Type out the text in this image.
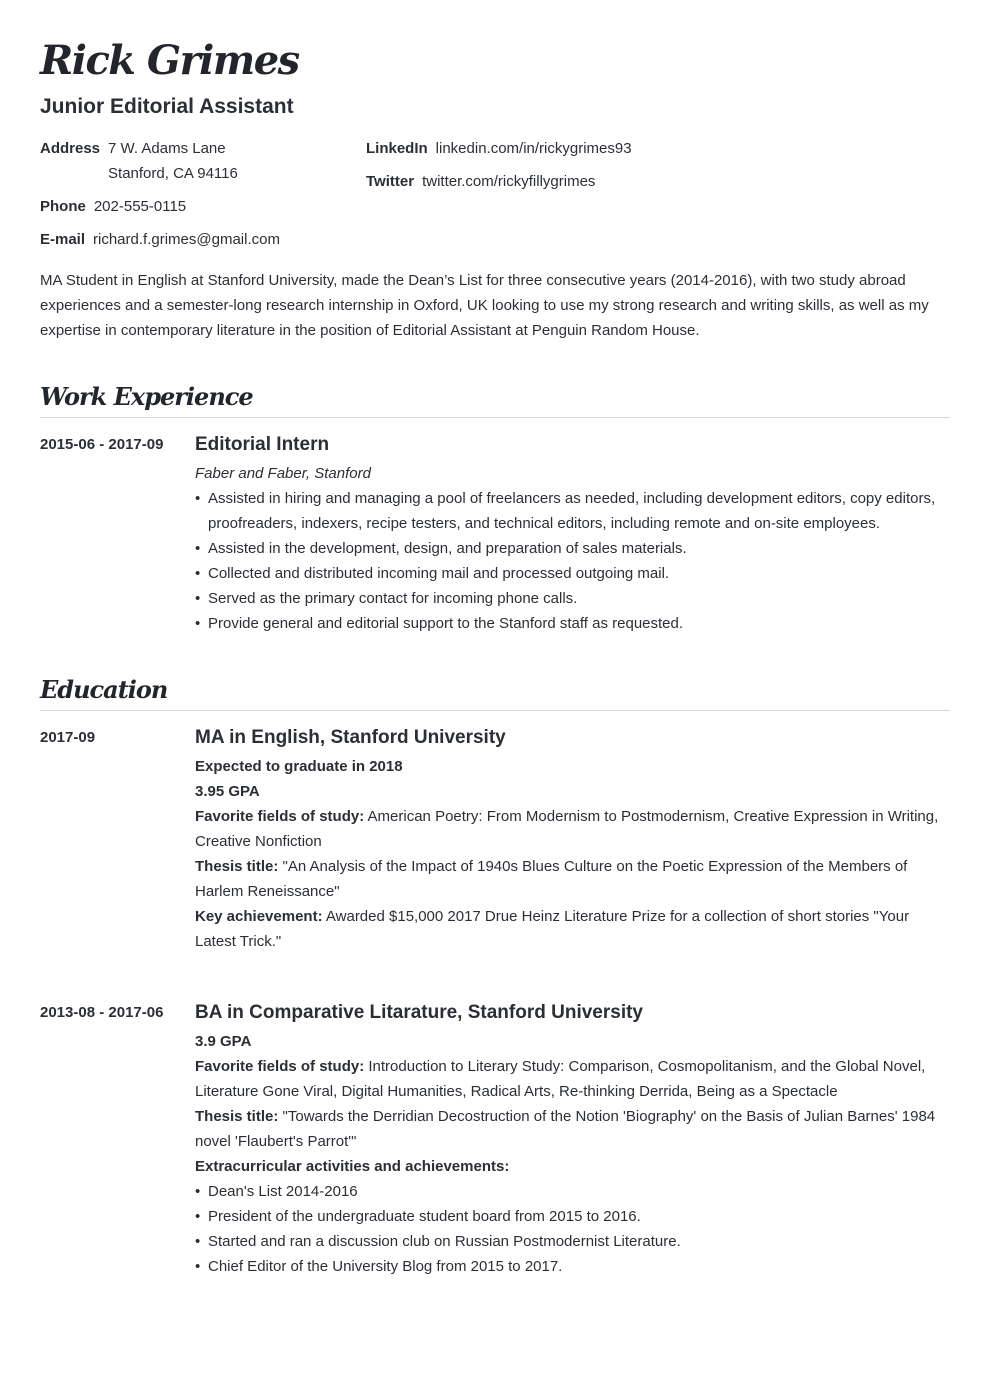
Rick Grimes
Junior Editorial Assistant
Address 7 W. Adams Lane
Stanford, CA 94116
Phone 202-555-0115
E-mail richard.f.grimes@gmail.com
LinkedIn linkedin.com/in/rickygrimes93
Twitter twitter.com/rickyfillygrimes
MA Student in English at Stanford University, made the Dean’s List for three consecutive years (2014-2016), with two study abroad experiences and a semester-long research internship in Oxford, UK looking to use my strong research and writing skills, as well as my expertise in contemporary literature in the position of Editorial Assistant at Penguin Random House.
Work Experience
2015-06 - 2017-09	Editorial Intern
Faber and Faber, Stanford
• Assisted in hiring and managing a pool of freelancers as needed, including development editors, copy editors, proofreaders, indexers, recipe testers, and technical editors, including remote and on-site employees.
• Assisted in the development, design, and preparation of sales materials.
• Collected and distributed incoming mail and processed outgoing mail.
• Served as the primary contact for incoming phone calls.
• Provide general and editorial support to the Stanford staff as requested.
Education
2017-09	MA in English, Stanford University
Expected to graduate in 2018
3.95 GPA
Favorite fields of study: American Poetry: From Modernism to Postmodernism, Creative Expression in Writing, Creative Nonfiction
Thesis title: "An Analysis of the Impact of 1940s Blues Culture on the Poetic Expression of the Members of Harlem Reneissance"
Key achievement: Awarded $15,000 2017 Drue Heinz Literature Prize for a collection of short stories "Your Latest Trick."
2013-08 - 2017-06	BA in Comparative Litarature, Stanford University
3.9 GPA
Favorite fields of study: Introduction to Literary Study: Comparison, Cosmopolitanism, and the Global Novel, Literature Gone Viral, Digital Humanities, Radical Arts, Re-thinking Derrida, Being as a Spectacle
Thesis title: "Towards the Derridian Decostruction of the Notion 'Biography' on the Basis of Julian Barnes' 1984 novel 'Flaubert's Parrot'"
Extracurricular activities and achievements:
• Dean's List 2014-2016
• President of the undergraduate student board from 2015 to 2016.
• Started and ran a discussion club on Russian Postmodernist Literature.
• Chief Editor of the University Blog from 2015 to 2017.
